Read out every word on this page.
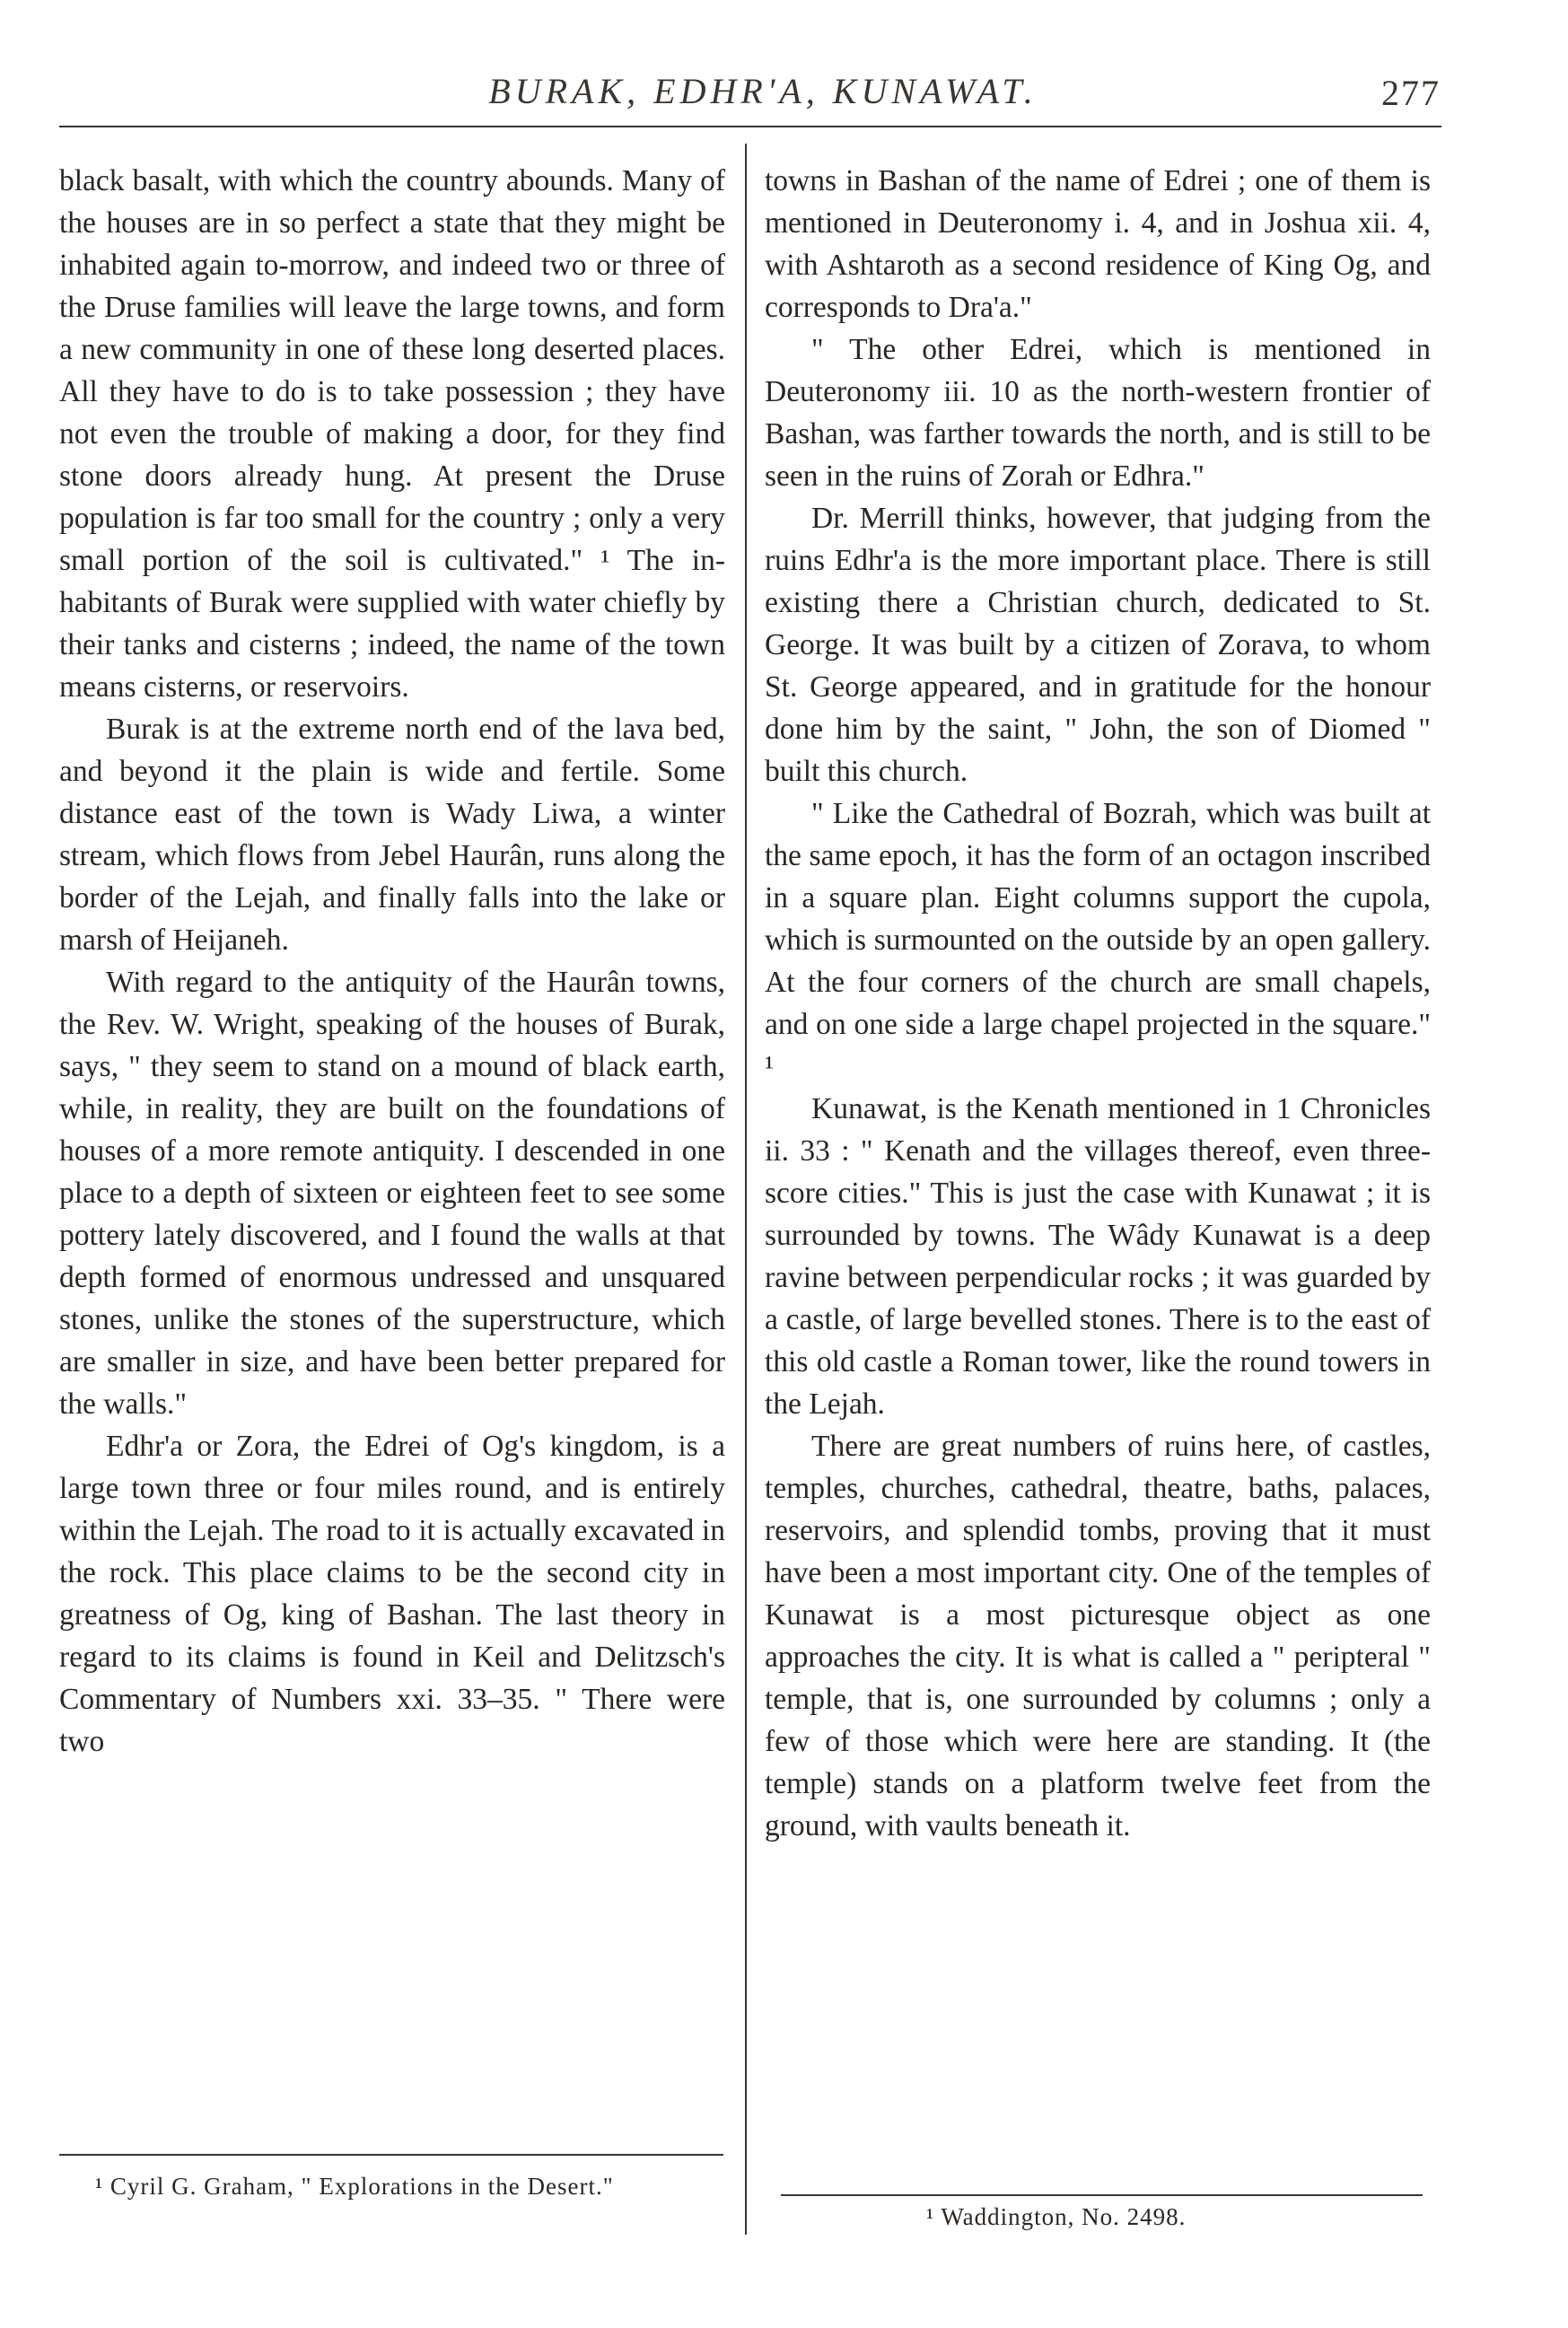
BURAK, EDHR'A, KUNAWAT.	277

black basalt, with which the country abounds. Many of the houses are in so perfect a state that they might be inhabited again to-morrow, and indeed two or three of the Druse families will leave the large towns, and form a new community in one of these long deserted places. All they have to do is to take possession ; they have not even the trouble of making a door, for they find stone doors already hung. At present the Druse population is far too small for the country ; only a very small portion of the soil is cultivated." ¹ The inhabitants of Burak were supplied with water chiefly by their tanks and cisterns ; indeed, the name of the town means cisterns, or reservoirs.

Burak is at the extreme north end of the lava bed, and beyond it the plain is wide and fertile. Some distance east of the town is Wady Liwa, a winter stream, which flows from Jebel Haurân, runs along the border of the Lejah, and finally falls into the lake or marsh of Heijaneh.

With regard to the antiquity of the Haurân towns, the Rev. W. Wright, speaking of the houses of Burak, says, " they seem to stand on a mound of black earth, while, in reality, they are built on the foundations of houses of a more remote antiquity. I descended in one place to a depth of sixteen or eighteen feet to see some pottery lately discovered, and I found the walls at that depth formed of enormous undressed and unsquared stones, unlike the stones of the superstructure, which are smaller in size, and have been better prepared for the walls."

Edhr'a or Zora, the Edrei of Og's kingdom, is a large town three or four miles round, and is entirely within the Lejah. The road to it is actually excavated in the rock. This place claims to be the second city in greatness of Og, king of Bashan. The last theory in regard to its claims is found in Keil and Delitzsch's Commentary of Numbers xxi. 33–35. " There were two

towns in Bashan of the name of Edrei ; one of them is mentioned in Deuteronomy i. 4, and in Joshua xii. 4, with Ashtaroth as a second residence of King Og, and corresponds to Dra'a."

" The other Edrei, which is mentioned in Deuteronomy iii. 10 as the north-western frontier of Bashan, was farther towards the north, and is still to be seen in the ruins of Zorah or Edhra."

Dr. Merrill thinks, however, that judging from the ruins Edhr'a is the more important place. There is still existing there a Christian church, dedicated to St. George. It was built by a citizen of Zorava, to whom St. George appeared, and in gratitude for the honour done him by the saint, " John, the son of Diomed " built this church.

" Like the Cathedral of Bozrah, which was built at the same epoch, it has the form of an octagon inscribed in a square plan. Eight columns support the cupola, which is surmounted on the outside by an open gallery. At the four corners of the church are small chapels, and on one side a large chapel projected in the square." ¹

Kunawat, is the Kenath mentioned in 1 Chronicles ii. 33 : " Kenath and the villages thereof, even three-score cities." This is just the case with Kunawat ; it is surrounded by towns. The Wâdy Kunawat is a deep ravine between perpendicular rocks ; it was guarded by a castle, of large bevelled stones. There is to the east of this old castle a Roman tower, like the round towers in the Lejah.

There are great numbers of ruins here, of castles, temples, churches, cathedral, theatre, baths, palaces, reservoirs, and splendid tombs, proving that it must have been a most important city. One of the temples of Kunawat is a most picturesque object as one approaches the city. It is what is called a " peripteral " temple, that is, one surrounded by columns ; only a few of those which were here are standing. It (the temple) stands on a platform twelve feet from the ground, with vaults beneath it.

¹ Cyril G. Graham, " Explorations in the Desert."
¹ Waddington, No. 2498.
